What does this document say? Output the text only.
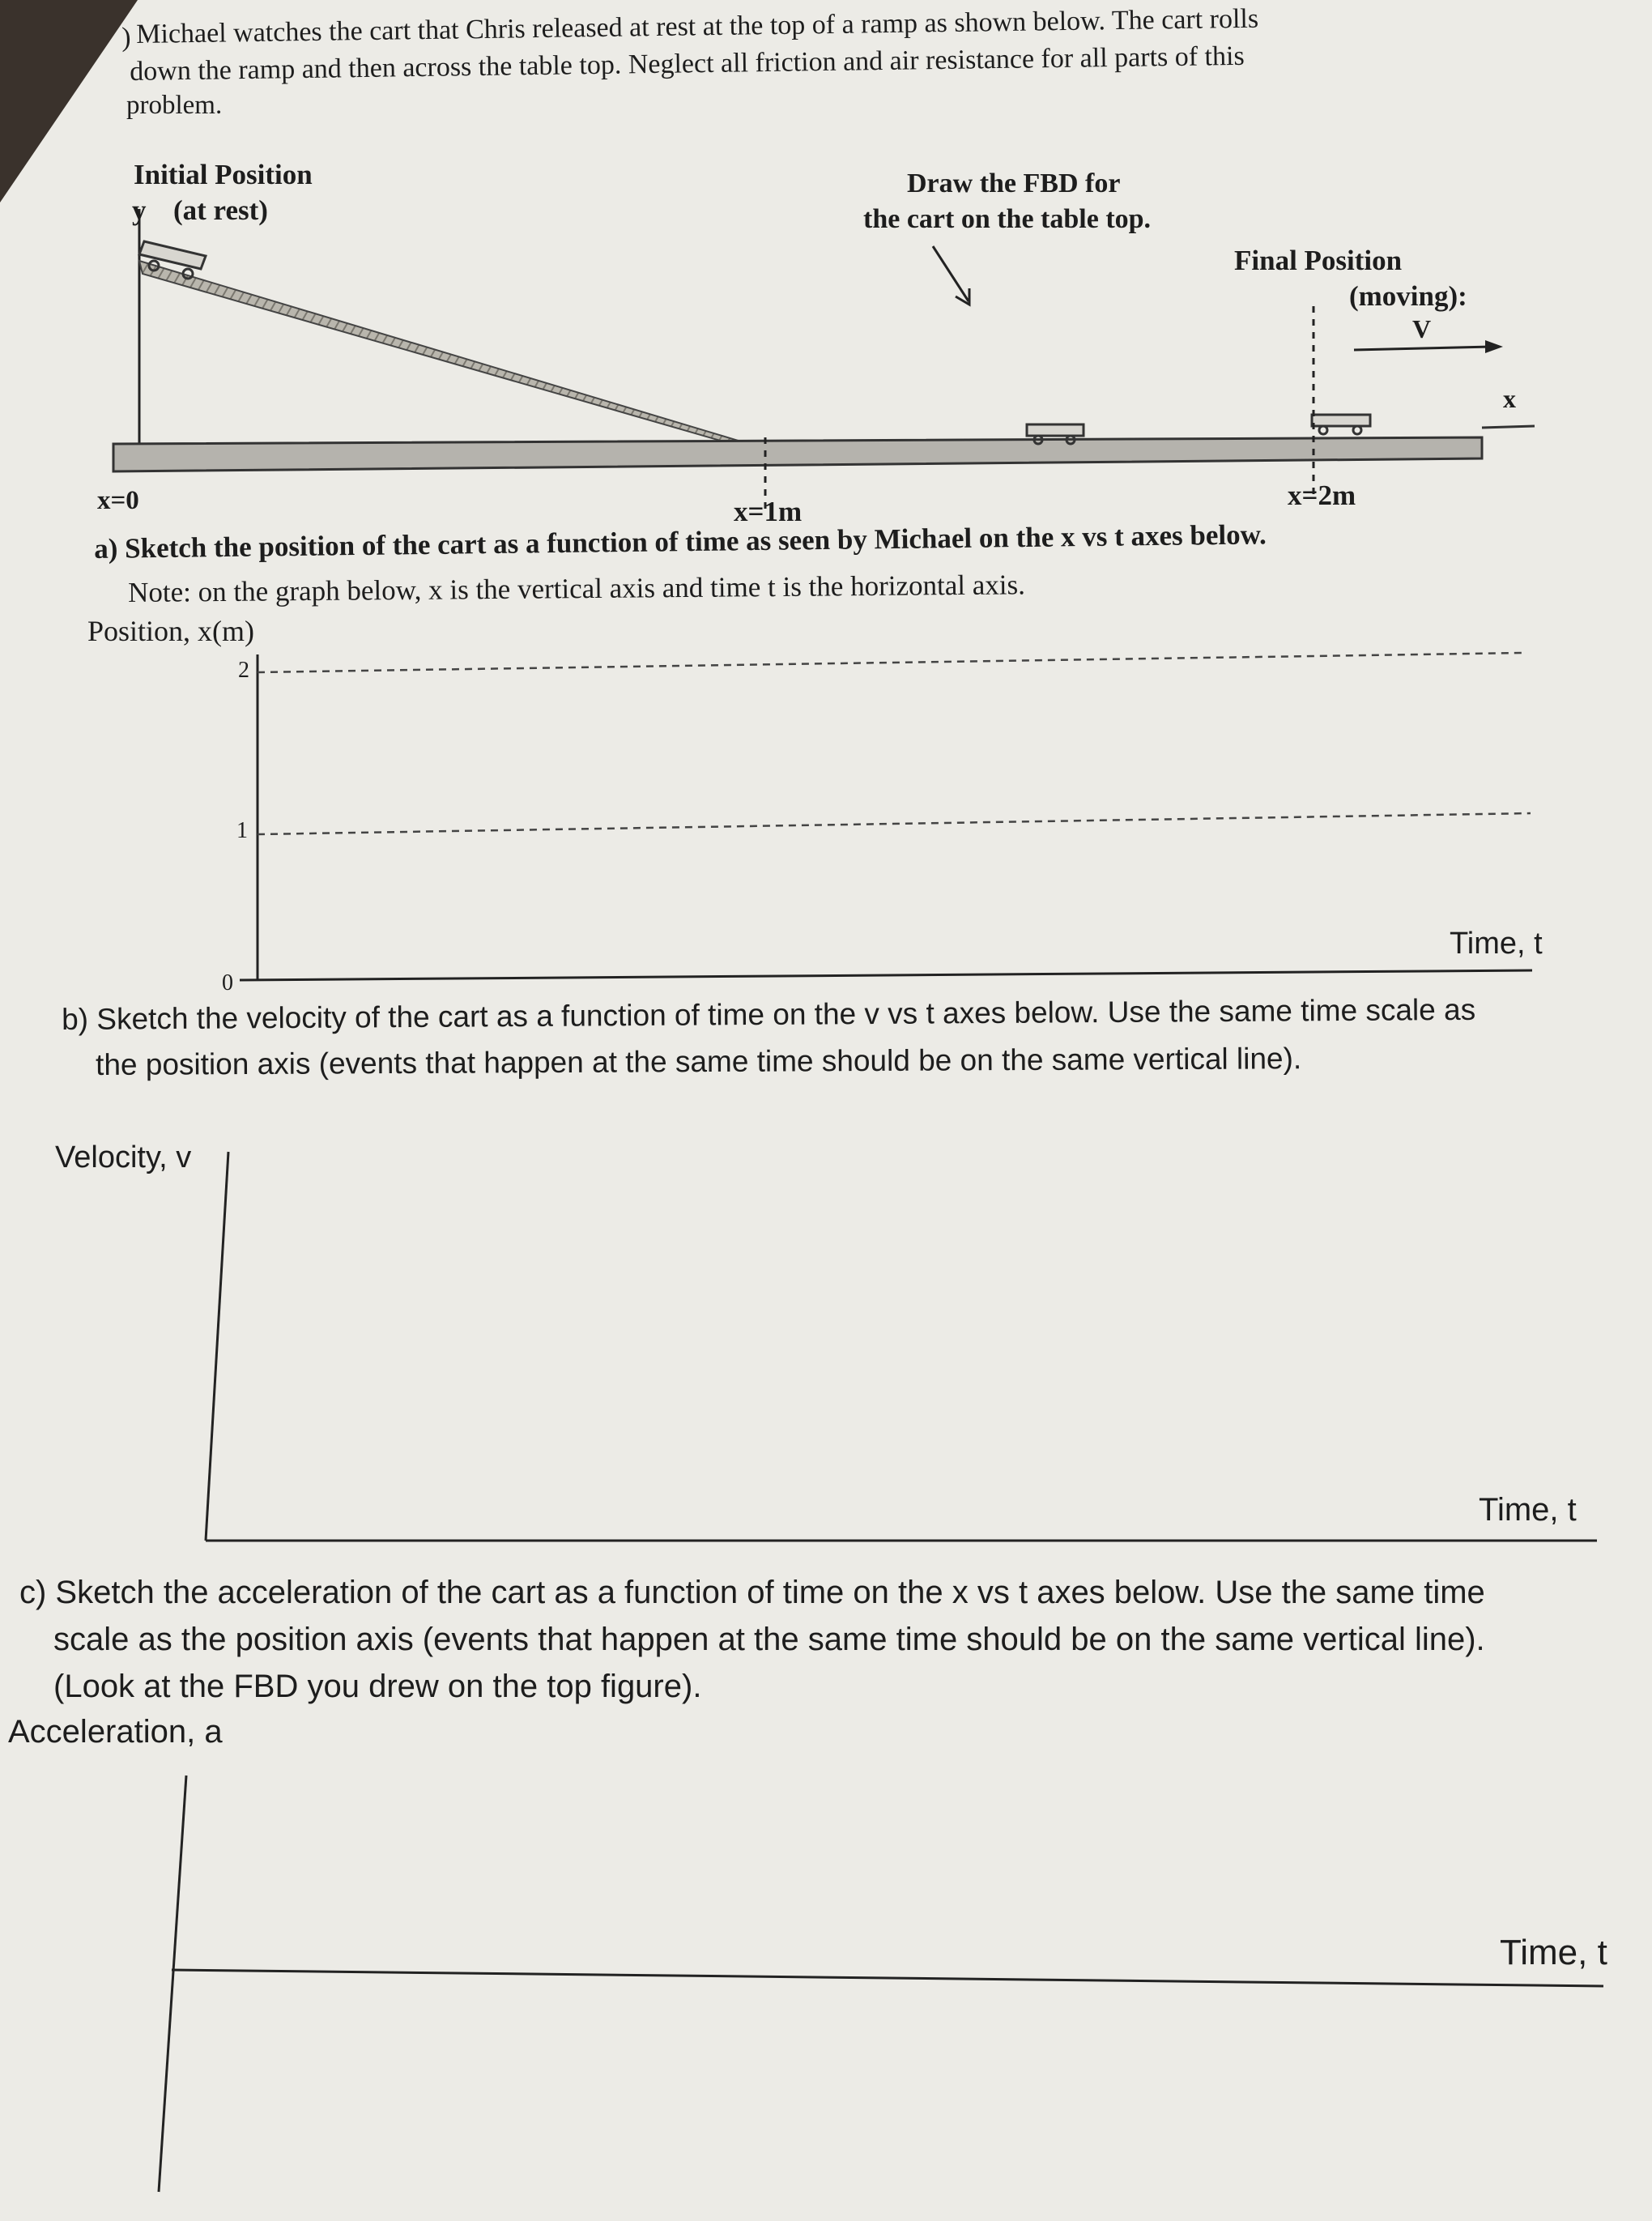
) Michael watches the cart that Chris released at rest at the top of a ramp as shown below. The cart rolls
down the ramp and then across the table top. Neglect all friction and air resistance for all parts of this
problem.
Initial Position
y (at rest)
Draw the FBD for
the cart on the table top.
Final Position
(moving):
V
x
x=0	x=1m
x=2m
a) Sketch the position of the cart as a function of time as seen by Michael on the x vs t axes below.
Note: on the graph below, x is the vertical axis and time t is the horizontal axis.
Position, x(m)
2
1
0
Time, t
b) Sketch the velocity of the cart as a function of time on the v vs t axes below. Use the same time scale as
the position axis (events that happen at the same time should be on the same vertical line).
Velocity, v
Time, t
c) Sketch the acceleration of the cart as a function of time on the x vs t axes below. Use the same time
scale as the position axis (events that happen at the same time should be on the same vertical line).
(Look at the FBD you drew on the top figure).
Acceleration, a
Time, t
